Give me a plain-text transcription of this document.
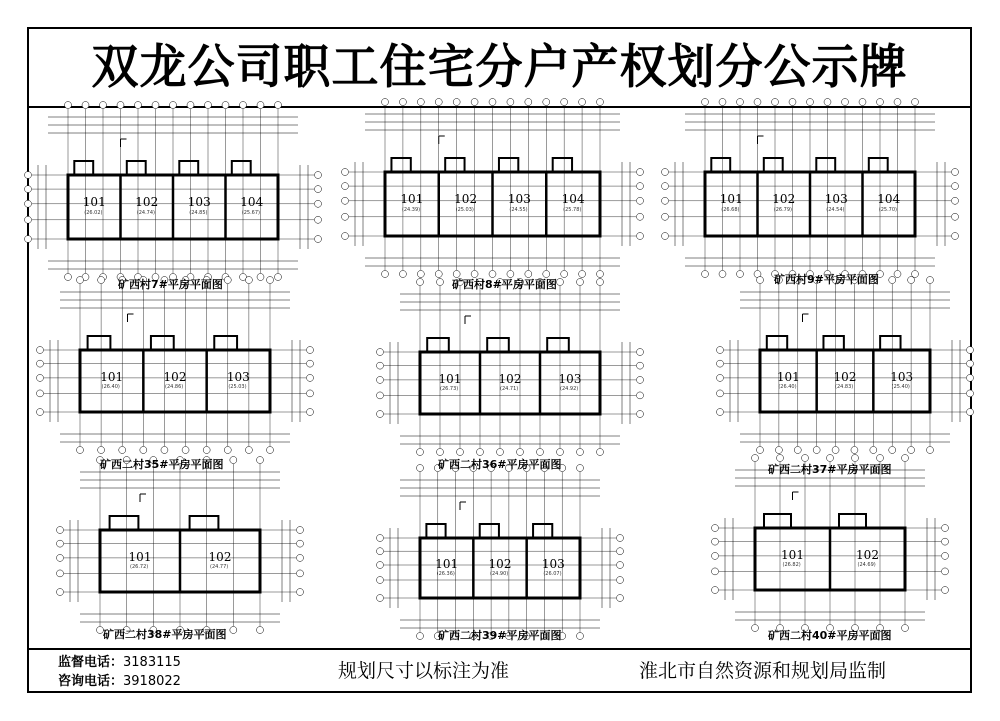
双龙公司职工住宅分户产权划分公示牌
101
(26.02)
102
(24.74)
103
(24.85)
104
(25.67)
矿西村7#平房平面图
101
(24.39)
102
(25.03)
103
(24.55)
104
(25.78)
矿西村8#平房平面图
101
(26.68)
102
(26.79)
103
(24.54)
104
(25.70)
矿西村9#平房平面图
101
(26.40)
102
(24.86)
103
(25.03)
矿西二村35#平房平面图
101
(26.73)
102
(24.71)
103
(24.92)
矿西二村36#平房平面图
101
(26.40)
102
(24.83)
103
(25.40)
矿西二村37#平房平面图
101
(26.72)
102
(24.77)
矿西二村38#平房平面图
101
(26.36)
102
(24.90)
103
(26.07)
矿西二村39#平房平面图
101
(26.82)
102
(24.69)
矿西二村40#平房平面图
监督电话：3183115
咨询电话：3918022	规划尺寸以标注为准	淮北市自然资源和规划局监制
